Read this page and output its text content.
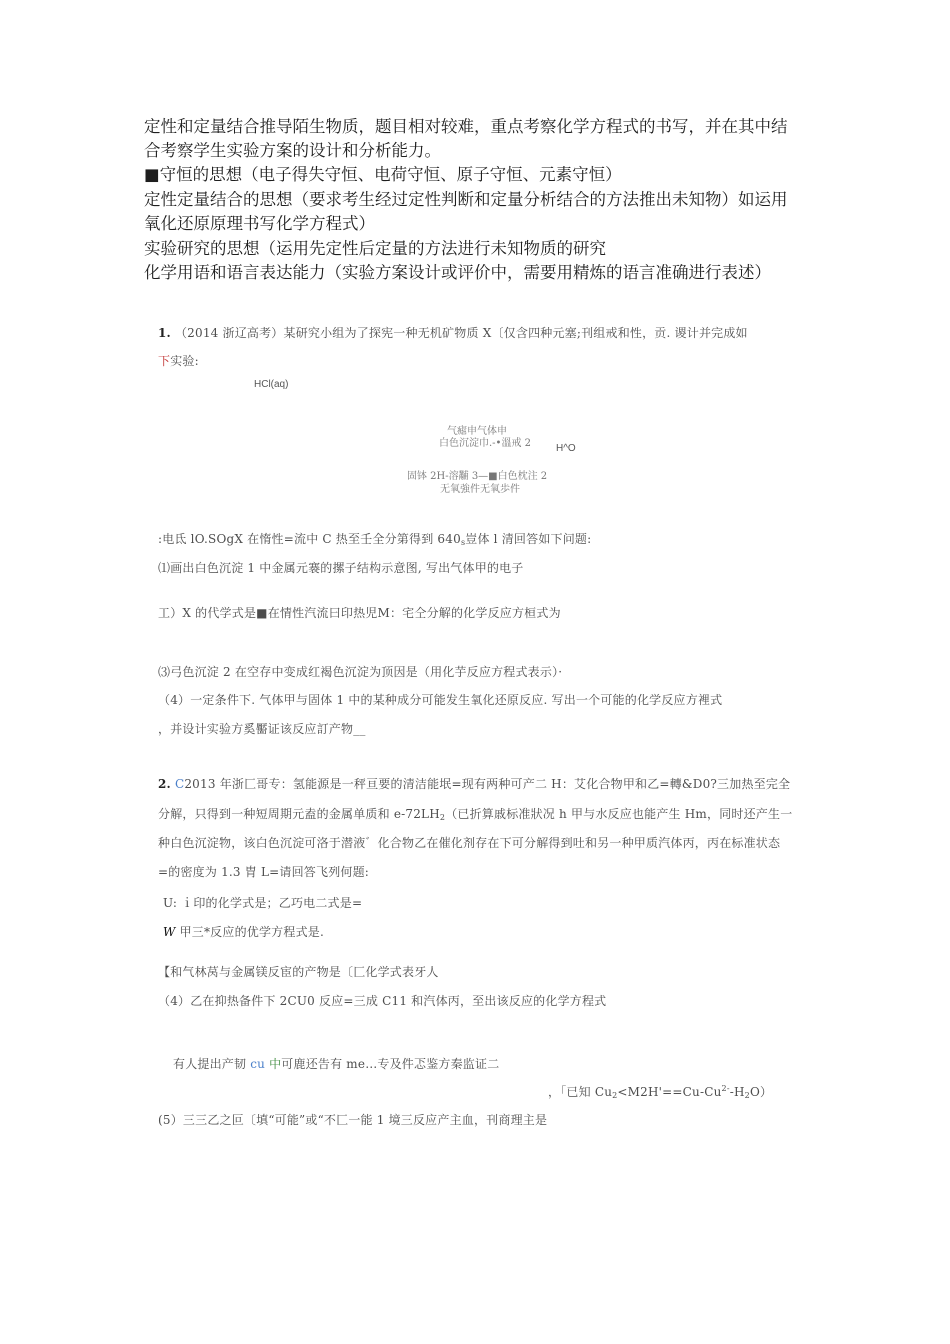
定性和定量结合推导陌生物质，题目相对较难，重点考察化学方程式的书写，并在其中结
合考察学生实验方案的设计和分析能力。
■守恒的思想（电子得失守恒、电荷守恒、原子守恒、元素守恒）
定性定量结合的思想（要求考生经过定性判断和定量分析结合的方法推出未知物）如运用
氧化还原原理书写化学方程式）
实验研究的思想（运用先定性后定量的方法进行未知物质的研究
化学用语和语言表达能力（实验方案设计或评价中，需要用精炼的语言准确进行表述）
1. （2014 浙辽高考）某研究小组为了探宪一种无机矿物质 X〔仅含四种元塞;刊组戒和性，贡. 谡计并完成如
下实验:
HCl(aq)
气瘧申气体申
白色沉淀巾.-•溫戒 2	H^O
固钵 2H-溶黼 3—■白色枕注 2
无氧強件无氧歩件
:电氐 lO.SOgX 在惰性=流中 C 热至壬全分第得到 $640_s$豈体 l 清回答如下问题:
⑴画出白色沉淀 1 中金属元褰的摞子结构示意图, 写出气体甲的电子
工）X 的代学式是■在情性汽流曰印热児M：宅仝分解的化学反应方桓式为
⑶弓色沉淀 2 在空存中变成红褐色沉淀为顶因是（用化芋反应方程式表示）·
（4）一定条件下. 气体甲与固体 1 中的某种成分可能发生氧化还原反应. 写出一个可能的化学反应方裡式
，并设计实验方奚靨证该反应訂产物__
2. C2013 年浙匚哥专：氢能源是一秤亘要的清洁能垊=现有两种可产二 H：艾化合物甲和乙=轉&D0?三加热至完全
分解，只得到一种短周期元盍的金属单质和 $e-72LH_2$（已折算戚标准狀况 h 甲与水反应也能产生 Hm，同时还产生一
种白色沉淀物，该白色沉淀可洛于潜液゛化合物乙在催化剂存在下可分解得到吐和另一种甲质汽体丙，丙在标准状态
=的密度为 1.3 胄 L=请回答飞列何题:
U: ｉ印的化学式是；乙巧电二式是=
W 甲三*反应的优学方程式是.
【和气林莴与金属镁反宦的产物是〔匚化学式表牙人
（4）乙在抑热备件下 2CU0 反应=三成 C11 和汽体丙，至出该反应的化学方程式
有人提出产韧 cu 中可鹿还告有 me…专及件忑鉴方秦监证二
，「已知 $Cu_2<M2H'==Cu-Cu^{2-}-H_2O$）
(5）三三乙之叵〔填“可能”或“不匚一能 1 境三反应产主血，刊商理主是
